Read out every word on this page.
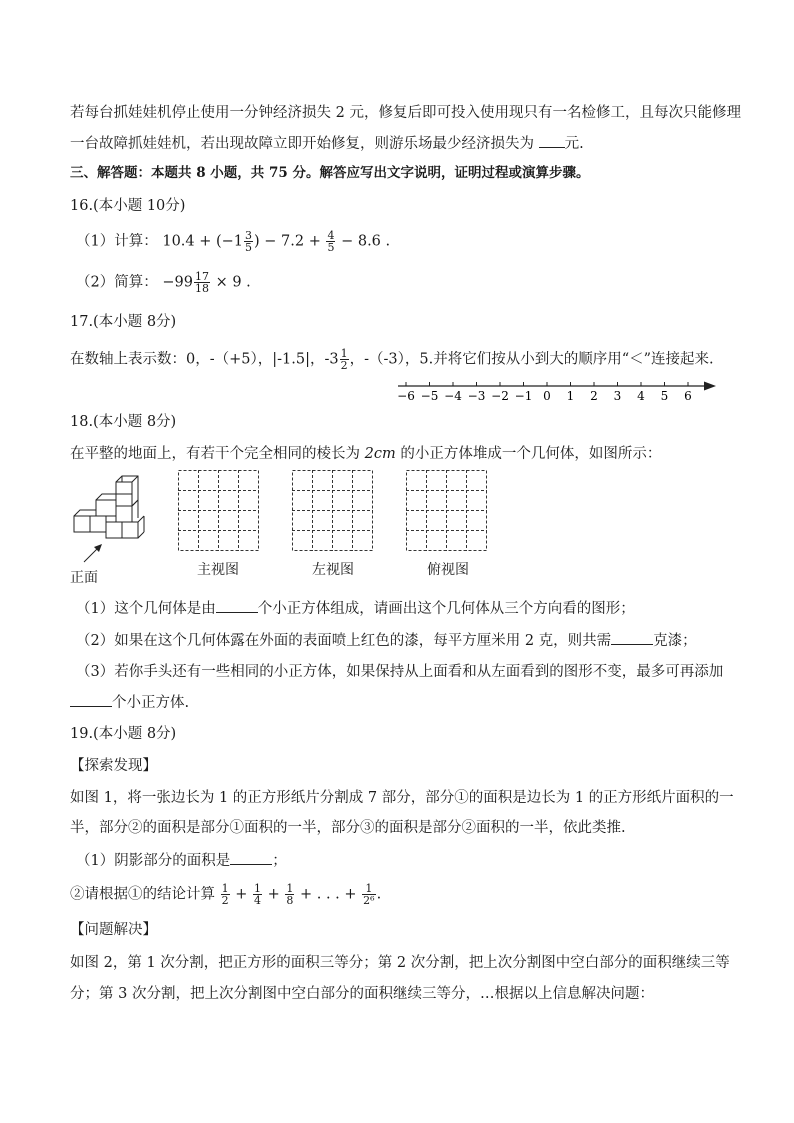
若每台抓娃娃机停止使用一分钟经济损失 2 元，修复后即可投入使用现只有一名检修工，且每次只能修理
一台故障抓娃娃机，若出现故障立即开始修复，则游乐场最少经济损失为 元.
三、解答题：本题共 8 小题，共 75 分。解答应写出文字说明，证明过程或演算步骤。
16.(本小题 10分)
（1）计算： $10.4 + (-1 \frac{3}{5}$ ) − $7.2 + \frac{4}{5} - 8.6$ .
（2）简算： $-99 \frac{17}{18} \times 9$ .
17.(本小题 8分)
在数轴上表示数：0，-（+5），|-1.5|，$-3 \frac{1}{2}$ ，-（-3），5.并将它们按从小到大的顺序用“＜”连接起来.
−6 −5 −4 −3 −2 −1 0 1 2 3 4 5 6
18.(本小题 8分)
在平整的地面上，有若干个完全相同的棱长为 2cm 的小正方体堆成一个几何体，如图所示：
正面	主视图	左视图	俯视图
（1）这个几何体是由	个小正方体组成，请画出这个几何体从三个方向看的图形；
（2）如果在这个几何体露在外面的表面喷上红色的漆，每平方厘米用 2 克，则共需	克漆；
（3）若你手头还有一些相同的小正方体，如果保持从上面看和从左面看到的图形不变，最多可再添加
个小正方体.
19.(本小题 8分)
【探索发现】
如图 1，将一张边长为 1 的正方形纸片分割成 7 部分，部分①的面积是边长为 1 的正方形纸片面积的一
半，部分②的面积是部分①面积的一半，部分③的面积是部分②面积的一半，依此类推.
（1）阴影部分的面积是	；
②请根据①的结论计算 $\frac{1}{2} + \frac{1}{4} + \frac{1}{8}$ + . . . + $\frac{1}{\text{2⁶}}$ .
【问题解决】
如图 2，第 1 次分割，把正方形的面积三等分；第 2 次分割，把上次分割图中空白部分的面积继续三等
分；第 3 次分割，把上次分割图中空白部分的面积继续三等分，…根据以上信息解决问题：
